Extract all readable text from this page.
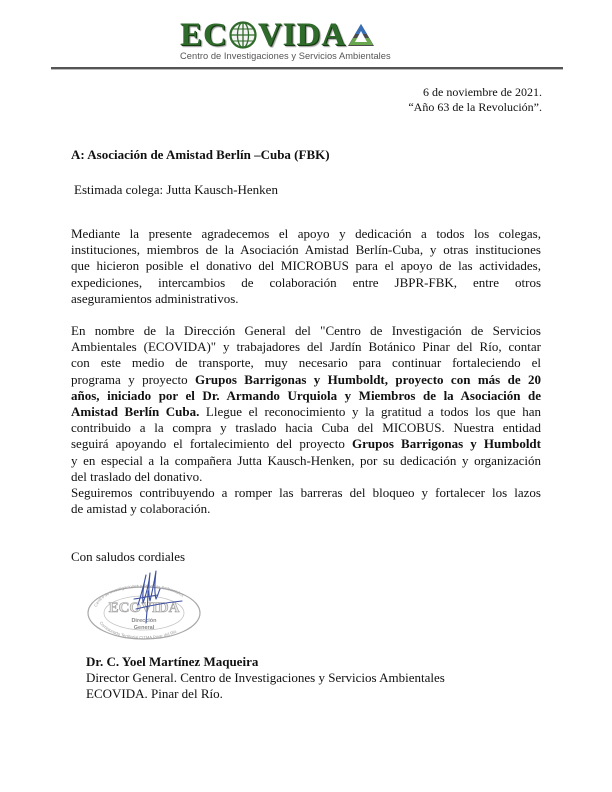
EC VIDA
Centro de Investigaciones y Servicios Ambientales
6 de noviembre de 2021.
“Año 63 de la Revolución”.
A: Asociación de Amistad Berlín –Cuba (FBK)
Estimada colega: Jutta Kausch-Henken
Mediante la presente agradecemos el apoyo y dedicación a todos los colegas,
instituciones, miembros de la Asociación Amistad Berlín-Cuba, y otras instituciones
que hicieron posible el donativo del MICROBUS para el apoyo de las actividades,
expediciones, intercambios de colaboración entre JBPR-FBK, entre otros
aseguramientos administrativos.
En nombre de la Dirección General del "Centro de Investigación de Servicios
Ambientales (ECOVIDA)" y trabajadores del Jardín Botánico Pinar del Río, contar
con este medio de transporte, muy necesario para continuar fortaleciendo el
programa y proyecto Grupos Barrigonas y Humboldt, proyecto con más de 20
años, iniciado por el Dr. Armando Urquiola y Miembros de la Asociación de
Amistad Berlín Cuba. Llegue el reconocimiento y la gratitud a todos los que han
contribuido a la compra y traslado hacia Cuba del MICOBUS. Nuestra entidad
seguirá apoyando el fortalecimiento del proyecto Grupos Barrigonas y Humboldt
y en especial a la compañera Jutta Kausch-Henken, por su dedicación y organización
del traslado del donativo.
Seguiremos contribuyendo a romper las barreras del bloqueo y fortalecer los lazos
de amistad y colaboración.
Con saludos cordiales
Centro de Investigaciones y Servicios Ambientales
Comisionado Territorial CITMA Pinar del Río
ECOVIDA
Dirección
General
Dr. C. Yoel Martínez Maqueira
Director General. Centro de Investigaciones y Servicios Ambientales
ECOVIDA. Pinar del Río.
